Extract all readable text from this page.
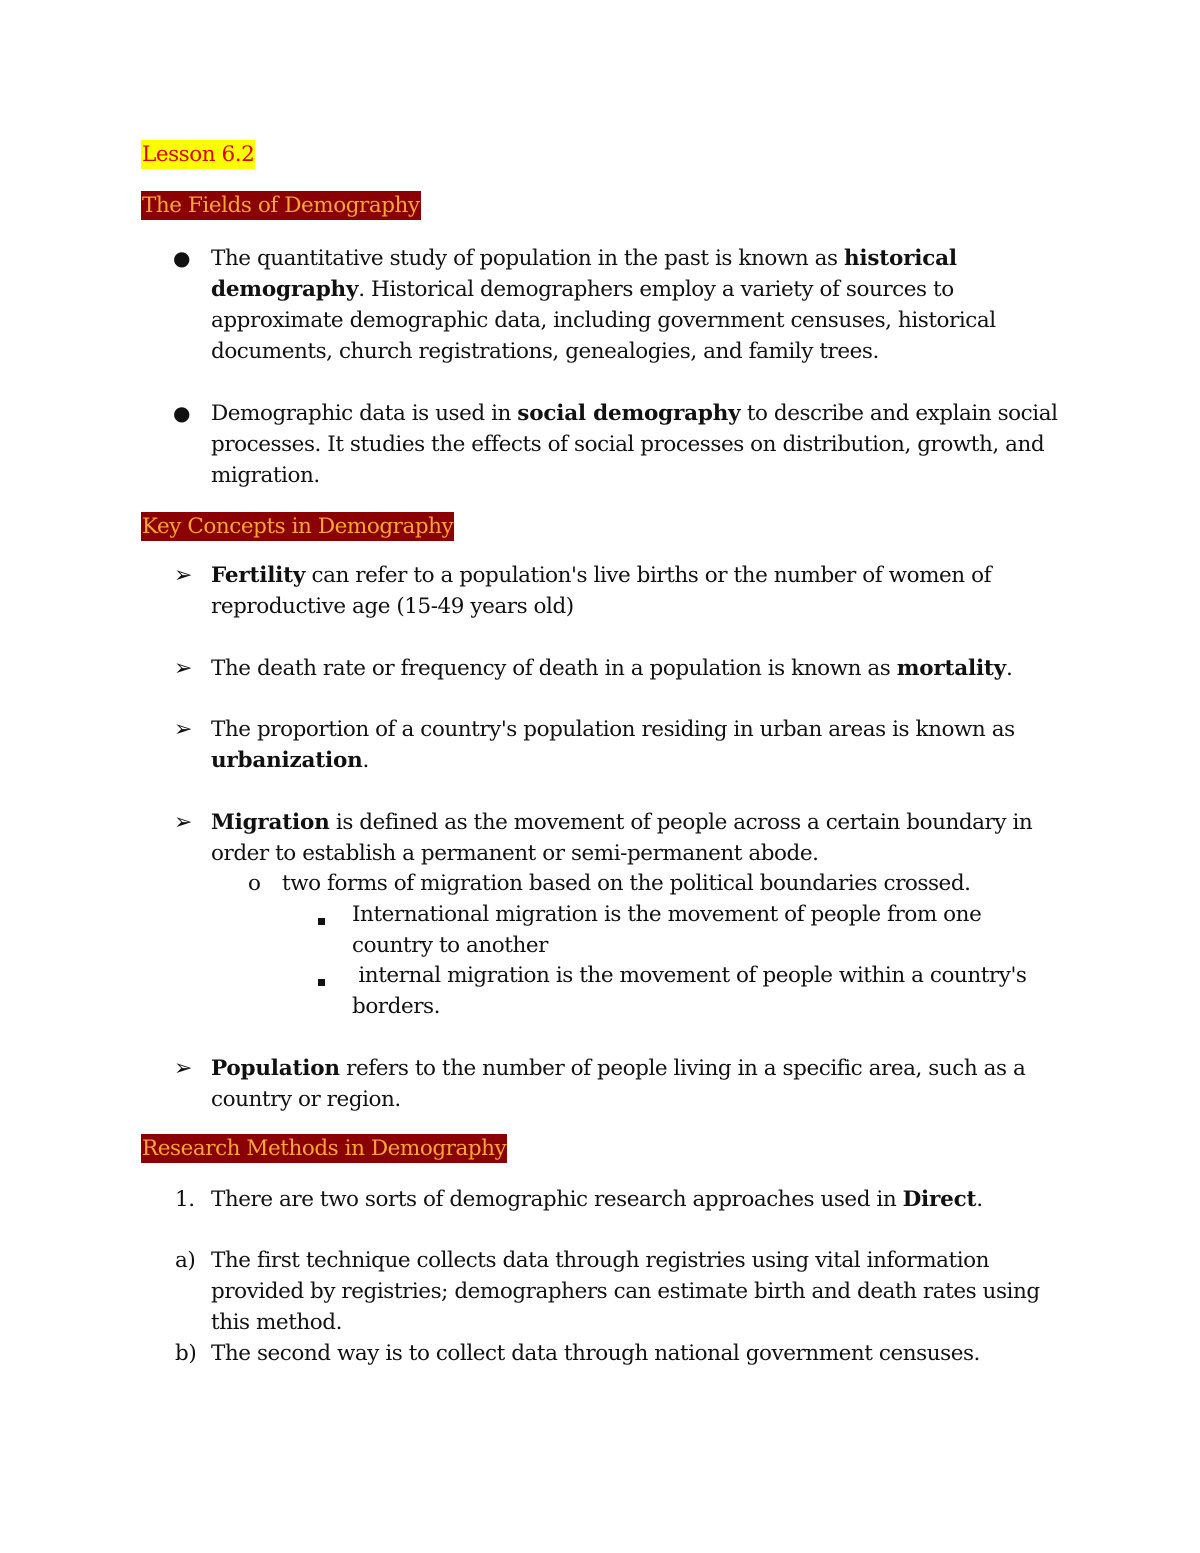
Lesson 6.2
The Fields of Demography
● The quantitative study of population in the past is known as historical
demography. Historical demographers employ a variety of sources to
approximate demographic data, including government censuses, historical
documents, church registrations, genealogies, and family trees.
● Demographic data is used in social demography to describe and explain social
processes. It studies the effects of social processes on distribution, growth, and
migration.
Key Concepts in Demography
➢ Fertility can refer to a population's live births or the number of women of
reproductive age (15-49 years old)
➢ The death rate or frequency of death in a population is known as mortality.
➢ The proportion of a country's population residing in urban areas is known as
urbanization.
➢ Migration is defined as the movement of people across a certain boundary in
order to establish a permanent or semi-permanent abode.
o two forms of migration based on the political boundaries crossed.
International migration is the movement of people from one
country to another
internal migration is the movement of people within a country's
borders.
➢ Population refers to the number of people living in a specific area, such as a
country or region.
Research Methods in Demography
1. There are two sorts of demographic research approaches used in Direct.
a) The first technique collects data through registries using vital information
provided by registries; demographers can estimate birth and death rates using
this method.
b) The second way is to collect data through national government censuses.
